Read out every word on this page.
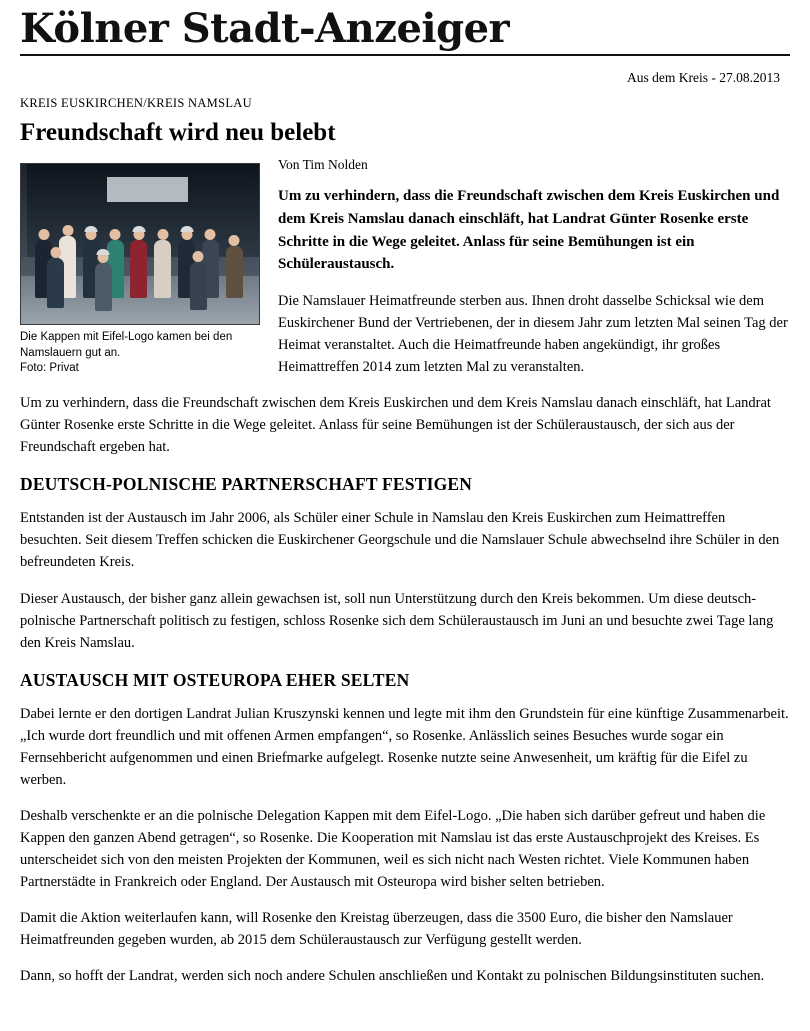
Kölner Stadt-Anzeiger
Aus dem Kreis - 27.08.2013
KREIS EUSKIRCHEN/KREIS NAMSLAU
Freundschaft wird neu belebt
Die Kappen mit Eifel-Logo kamen bei den Namslauern gut an.
Foto: Privat
Von Tim Nolden

Um zu verhindern, dass die Freundschaft zwischen dem Kreis Euskirchen und dem Kreis Namslau danach einschläft, hat Landrat Günter Rosenke erste Schritte in die Wege geleitet. Anlass für seine Bemühungen ist ein Schüleraustausch.

Die Namslauer Heimatfreunde sterben aus. Ihnen droht dasselbe Schicksal wie dem Euskirchener Bund der Vertriebenen, der in diesem Jahr zum letzten Mal seinen Tag der Heimat veranstaltet. Auch die Heimatfreunde haben angekündigt, ihr großes Heimattreffen 2014 zum letzten Mal zu veranstalten.

Um zu verhindern, dass die Freundschaft zwischen dem Kreis Euskirchen und dem Kreis Namslau danach einschläft, hat Landrat Günter Rosenke erste Schritte in die Wege geleitet. Anlass für seine Bemühungen ist der Schüleraustausch, der sich aus der Freundschaft ergeben hat.

DEUTSCH-POLNISCHE PARTNERSCHAFT FESTIGEN

Entstanden ist der Austausch im Jahr 2006, als Schüler einer Schule in Namslau den Kreis Euskirchen zum Heimattreffen besuchten. Seit diesem Treffen schicken die Euskirchener Georgschule und die Namslauer Schule abwechselnd ihre Schüler in den befreundeten Kreis.

Dieser Austausch, der bisher ganz allein gewachsen ist, soll nun Unterstützung durch den Kreis bekommen. Um diese deutsch-polnische Partnerschaft politisch zu festigen, schloss Rosenke sich dem Schüleraustausch im Juni an und besuchte zwei Tage lang den Kreis Namslau.

AUSTAUSCH MIT OSTEUROPA EHER SELTEN

Dabei lernte er den dortigen Landrat Julian Kruszynski kennen und legte mit ihm den Grundstein für eine künftige Zusammenarbeit. „Ich wurde dort freundlich und mit offenen Armen empfangen“, so Rosenke. Anlässlich seines Besuches wurde sogar ein Fernsehbericht aufgenommen und einen Briefmarke aufgelegt. Rosenke nutzte seine Anwesenheit, um kräftig für die Eifel zu werben.

Deshalb verschenkte er an die polnische Delegation Kappen mit dem Eifel-Logo. „Die haben sich darüber gefreut und haben die Kappen den ganzen Abend getragen“, so Rosenke. Die Kooperation mit Namslau ist das erste Austauschprojekt des Kreises. Es unterscheidet sich von den meisten Projekten der Kommunen, weil es sich nicht nach Westen richtet. Viele Kommunen haben Partnerstädte in Frankreich oder England. Der Austausch mit Osteuropa wird bisher selten betrieben.

Damit die Aktion weiterlaufen kann, will Rosenke den Kreistag überzeugen, dass die 3500 Euro, die bisher den Namslauer Heimatfreunden gegeben wurden, ab 2015 dem Schüleraustausch zur Verfügung gestellt werden.

Dann, so hofft der Landrat, werden sich noch andere Schulen anschließen und Kontakt zu polnischen Bildungsinstituten suchen.
